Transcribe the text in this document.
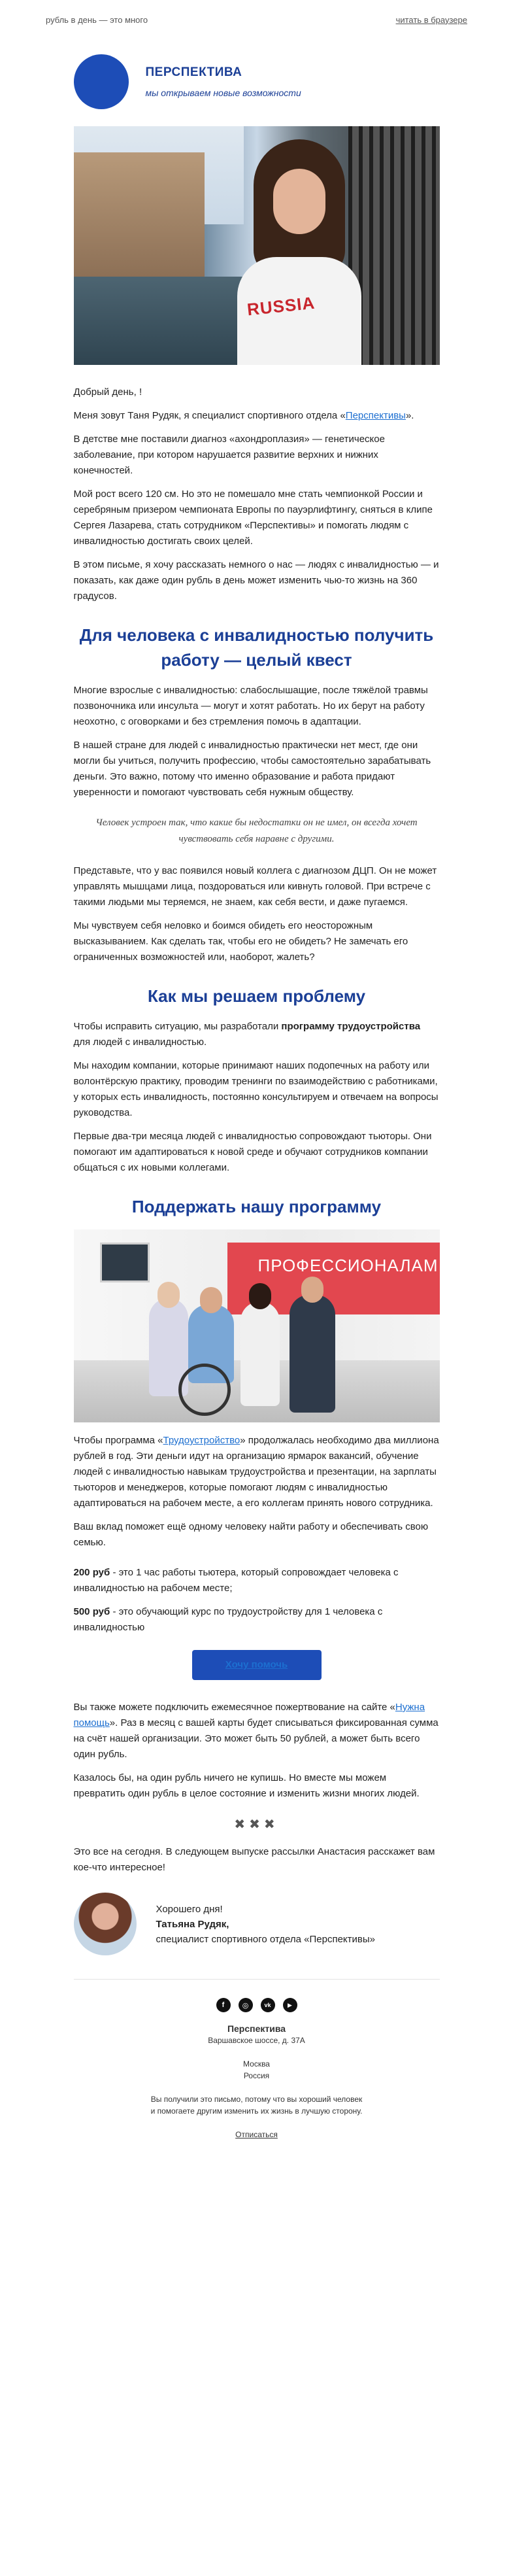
рубль в день — это много	читать в браузере
ПЕРСПЕКТИВА
мы открываем новые возможности
RUSSIA

Добрый день, !

Меня зовут Таня Рудяк, я специалист спортивного отдела «Перспективы».

В детстве мне поставили диагноз «ахондроплазия» — генетическое заболевание, при котором нарушается развитие верхних и нижних конечностей.

Мой рост всего 120 см. Но это не помешало мне стать чемпионкой России и серебряным призером чемпионата Европы по пауэрлифтингу, сняться в клипе Сергея Лазарева, стать сотрудником «Перспективы» и помогать людям с инвалидностью достигать своих целей.

В этом письме, я хочу рассказать немного о нас — людях с инвалидностью — и показать, как даже один рубль в день может изменить чью-то жизнь на 360 градусов.

Для человека с инвалидностью получить работу — целый квест

Многие взрослые с инвалидностью: слабослышащие, после тяжёлой травмы позвоночника или инсульта — могут и хотят работать. Но их берут на работу неохотно, с оговорками и без стремления помочь в адаптации.

В нашей стране для людей с инвалидностью практически нет мест, где они могли бы учиться, получить профессию, чтобы самостоятельно зарабатывать деньги. Это важно, потому что именно образование и работа придают уверенности и помогают чувствовать себя нужным обществу.

Человек устроен так, что какие бы недостатки он не имел, он всегда хочет чувствовать себя наравне с другими.

Представьте, что у вас появился новый коллега с диагнозом ДЦП. Он не может управлять мышцами лица, поздороваться или кивнуть головой. При встрече с такими людьми мы теряемся, не знаем, как себя вести, и даже пугаемся.

Мы чувствуем себя неловко и боимся обидеть его неосторожным высказыванием. Как сделать так, чтобы его не обидеть? Не замечать его ограниченных возможностей или, наоборот, жалеть?

Как мы решаем проблему

Чтобы исправить ситуацию, мы разработали программу трудоустройства для людей с инвалидностью.

Мы находим компании, которые принимают наших подопечных на работу или волонтёрскую практику, проводим тренинги по взаимодействию с работниками, у которых есть инвалидность, постоянно консультируем и отвечаем на вопросы руководства.

Первые два-три месяца людей с инвалидностью сопровождают тьюторы. Они помогают им адаптироваться к новой среде и обучают сотрудников компании общаться с их новыми коллегами.

Поддержать нашу программу
ПРОФЕССИОНАЛАМ

Чтобы программа «Трудоустройство» продолжалась необходимо два миллиона рублей в год. Эти деньги идут на организацию ярмарок вакансий, обучение людей с инвалидностью навыкам трудоустройства и презентации, на зарплаты тьюторов и менеджеров, которые помогают людям с инвалидностью адаптироваться на рабочем месте, а его коллегам принять нового сотрудника.

Ваш вклад поможет ещё одному человеку найти работу и обеспечивать свою семью.

200 руб - это 1 час работы тьютера, который сопровождает человека с инвалидностью на рабочем месте;

500 руб - это обучающий курс по трудоустройству для 1 человека с инвалидностью

Хочу помочь

Вы также можете подключить ежемесячное пожертвование на сайте «Нужна помощь». Раз в месяц с вашей карты будет списываться фиксированная сумма на счёт нашей организации. Это может быть 50 рублей, а может быть всего один рубль.

Казалось бы, на один рубль ничего не купишь. Но вместе мы можем превратить один рубль в целое состояние и изменить жизни многих людей.

✖✖✖

Это все на сегодня. В следующем выпуске рассылки Анастасия расскажет вам кое-что интересное!

Хорошего дня!
Татьяна Рудяк,
специалист спортивного отдела «Перспективы»
f	◎	vk	▶
Перспектива
Варшавское шоссе, д. 37А
Москва
Россия
Вы получили это письмо, потому что вы хороший человек и помогаете другим изменить их жизнь в лучшую сторону.
Отписаться
